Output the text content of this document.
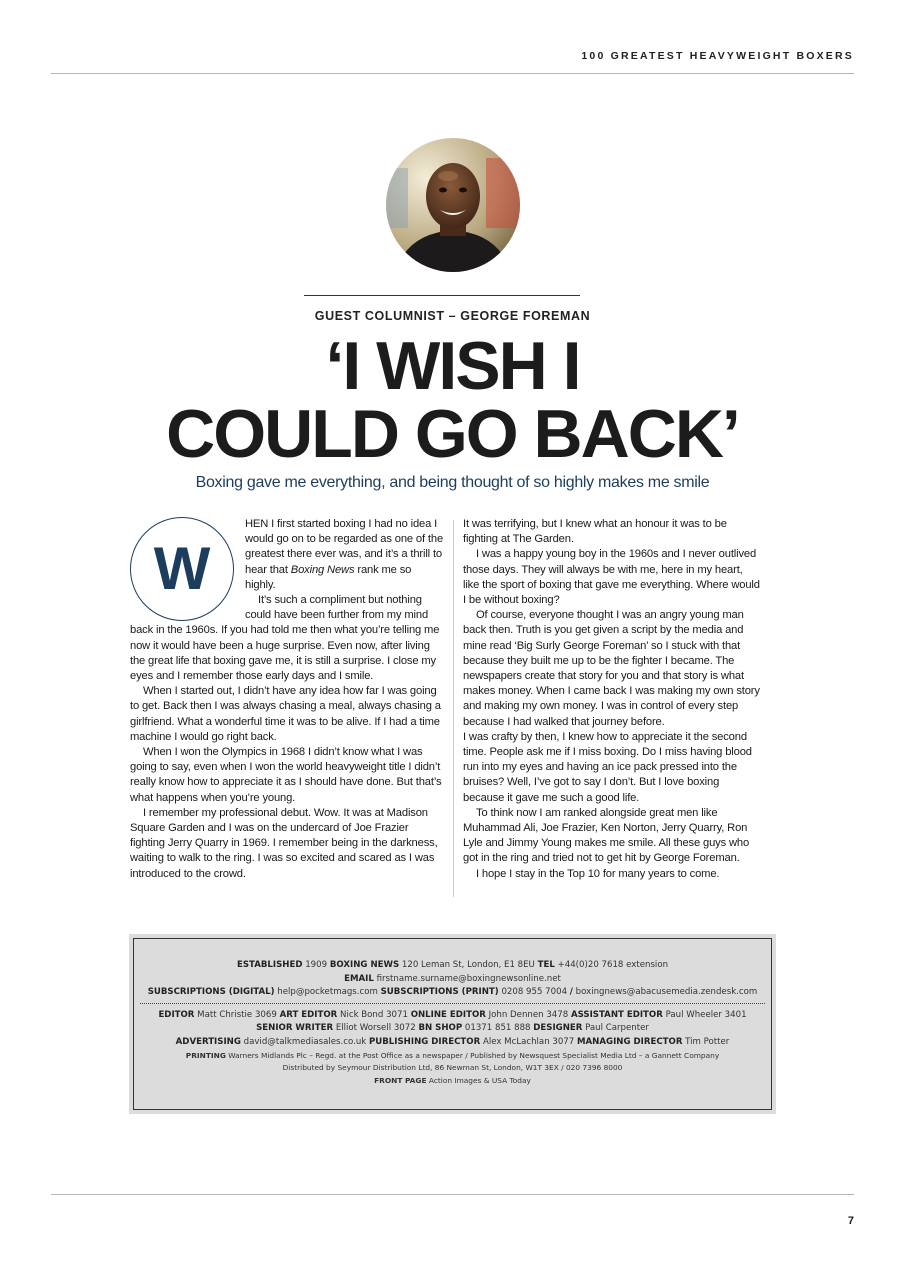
100 GREATEST HEAVYWEIGHT BOXERS
GUEST COLUMNIST – GEORGE FOREMAN
‘I WISH I
COULD GO BACK’
Boxing gave me everything, and being thought of so highly makes me smile
W

HEN I first started boxing I had no idea I would go on to be regarded as one of the greatest there ever was, and it’s a thrill to hear that Boxing News rank me so highly.

It’s such a compliment but nothing could have been further from my mind back in the 1960s. If you had told me then what you’re telling me now it would have been a huge surprise. Even now, after living the great life that boxing gave me, it is still a surprise. I close my eyes and I remember those early days and I smile.

When I started out, I didn’t have any idea how far I was going to get. Back then I was always chasing a meal, always chasing a girlfriend. What a wonderful time it was to be alive. If I had a time machine I would go right back.

When I won the Olympics in 1968 I didn’t know what I was going to say, even when I won the world heavyweight title I didn’t really know how to appreciate it as I should have done. But that’s what happens when you’re young.

I remember my professional debut. Wow. It was at Madison Square Garden and I was on the undercard of Joe Frazier fighting Jerry Quarry in 1969. I remember being in the darkness, waiting to walk to the ring. I was so excited and scared as I was introduced to the crowd.

It was terrifying, but I knew what an honour it was to be fighting at The Garden.

I was a happy young boy in the 1960s and I never outlived those days. They will always be with me, here in my heart, like the sport of boxing that gave me everything. Where would I be without boxing?

Of course, everyone thought I was an angry young man back then. Truth is you get given a script by the media and mine read ‘Big Surly George Foreman’ so I stuck with that because they built me up to be the fighter I became. The newspapers create that story for you and that story is what makes money. When I came back I was making my own story and making my own money. I was in control of every step because I had walked that journey before.

I was crafty by then, I knew how to appreciate it the second time. People ask me if I miss boxing. Do I miss having blood run into my eyes and having an ice pack pressed into the bruises? Well, I’ve got to say I don’t. But I love boxing because it gave me such a good life.

To think now I am ranked alongside great men like Muhammad Ali, Joe Frazier, Ken Norton, Jerry Quarry, Ron Lyle and Jimmy Young makes me smile. All these guys who got in the ring and tried not to get hit by George Foreman.

I hope I stay in the Top 10 for many years to come.

ESTABLISHED 1909 BOXING NEWS 120 Leman St, London, E1 8EU TEL +44(0)20 7618 extension
EMAIL firstname.surname@boxingnewsonline.net
SUBSCRIPTIONS (DIGITAL) help@pocketmags.com SUBSCRIPTIONS (PRINT) 0208 955 7004 / boxingnews@abacusemedia.zendesk.com
EDITOR Matt Christie 3069 ART EDITOR Nick Bond 3071 ONLINE EDITOR John Dennen 3478 ASSISTANT EDITOR Paul Wheeler 3401
SENIOR WRITER Elliot Worsell 3072 BN SHOP 01371 851 888 DESIGNER Paul Carpenter
ADVERTISING david@talkmediasales.co.uk PUBLISHING DIRECTOR Alex McLachlan 3077 MANAGING DIRECTOR Tim Potter
PRINTING Warners Midlands Plc – Regd. at the Post Office as a newspaper / Published by Newsquest Specialist Media Ltd – a Gannett Company
Distributed by Seymour Distribution Ltd, 86 Newman St, London, W1T 3EX / 020 7396 8000
FRONT PAGE Action Images & USA Today
7
